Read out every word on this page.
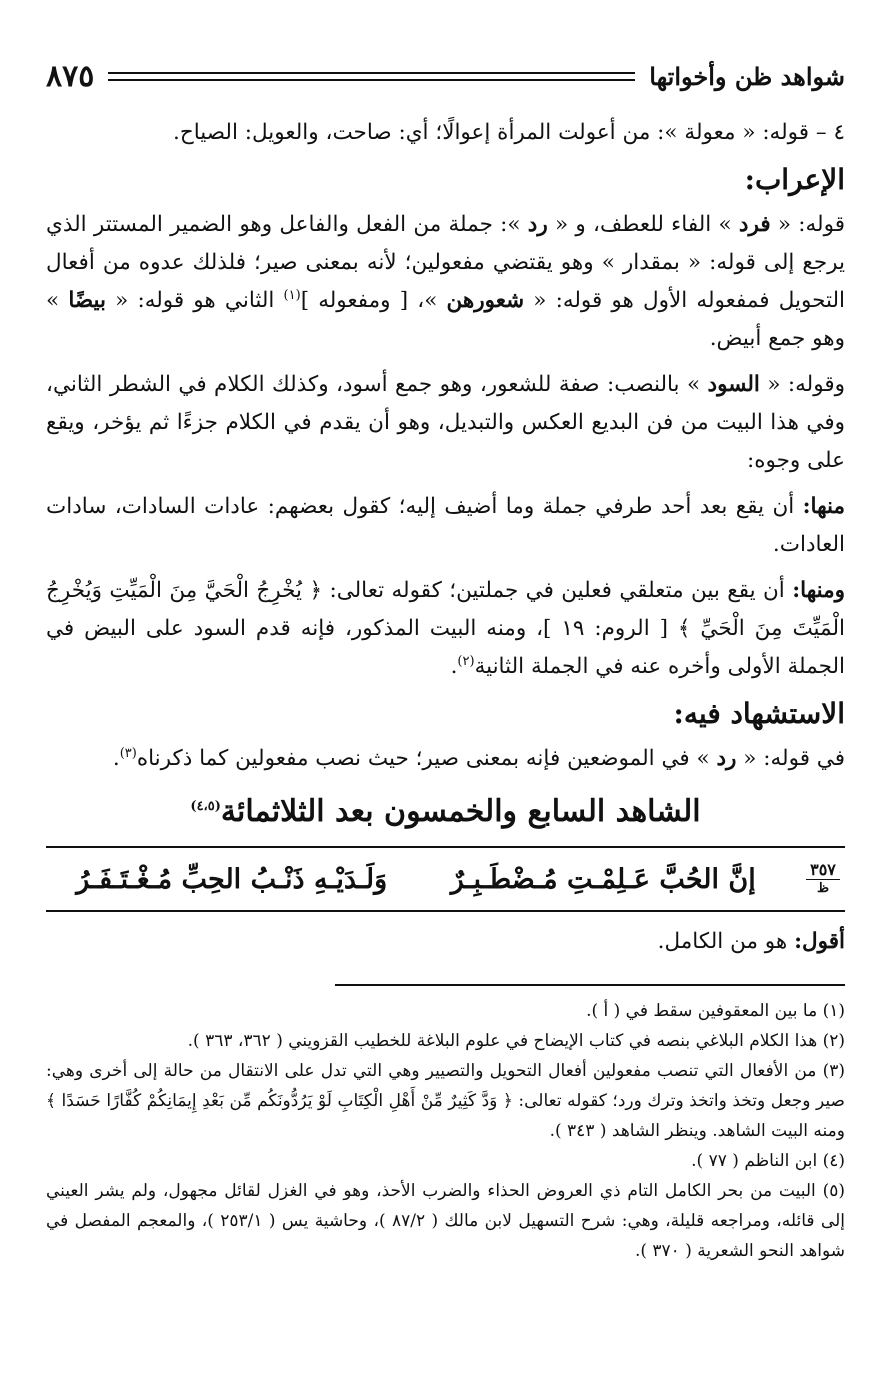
شواهد ظن وأخواتها
٨٧٥

٤ – قوله: « معولة »: من أعولت المرأة إعوالًا؛ أي: صاحت، والعويل: الصياح.

الإعراب:

قوله: « فرد » الفاء للعطف، و « رد »: جملة من الفعل والفاعل وهو الضمير المستتر الذي يرجع إلى قوله: « بمقدار » وهو يقتضي مفعولين؛ لأنه بمعنى صير؛ فلذلك عدوه من أفعال التحويل فمفعوله الأول هو قوله: « شعورهن »، [ ومفعوله ]$^{(١)}$ الثاني هو قوله: « بيضًا » وهو جمع أبيض.

وقوله: « السود » بالنصب: صفة للشعور، وهو جمع أسود، وكذلك الكلام في الشطر الثاني، وفي هذا البيت من فن البديع العكس والتبديل، وهو أن يقدم في الكلام جزءًا ثم يؤخر، ويقع على وجوه:

منها: أن يقع بعد أحد طرفي جملة وما أضيف إليه؛ كقول بعضهم: عادات السادات، سادات العادات.

ومنها: أن يقع بين متعلقي فعلين في جملتين؛ كقوله تعالى: ﴿ يُخْرِجُ الْحَيَّ مِنَ الْمَيِّتِ وَيُخْرِجُ الْمَيِّتَ مِنَ الْحَيِّ ﴾ [ الروم: ١٩ ]، ومنه البيت المذكور، فإنه قدم السود على البيض في الجملة الأولى وأخره عنه في الجملة الثانية$^{(٢)}$.

الاستشهاد فيه:

في قوله: « رد » في الموضعين فإنه بمعنى صير؛ حيث نصب مفعولين كما ذكرناه$^{(٣)}$.

الشاهد السابع والخمسون بعد الثلاثمائة$^{(٤،٥)}$
٣٥٧
ظ
إنَّ الحُبَّ عَـلِمْـتِ مُـضْطَـبِـرٌ
وَلَـدَيْـهِ ذَنْـبُ الحِبِّ مُـغْـتَـفَـرُ

أقول: هو من الكامل.

(١) ما بين المعقوفين سقط في ( أ ).

(٢) هذا الكلام البلاغي بنصه في كتاب الإيضاح في علوم البلاغة للخطيب القزويني ( ٣٦٢، ٣٦٣ ).

(٣) من الأفعال التي تنصب مفعولين أفعال التحويل والتصيير وهي التي تدل على الانتقال من حالة إلى أخرى وهي: صير وجعل وتخذ واتخذ وترك ورد؛ كقوله تعالى: ﴿ وَدَّ كَثِيرٌ مِّنْ أَهْلِ الْكِتَابِ لَوْ يَرُدُّونَكُم مِّن بَعْدِ إِيمَانِكُمْ كُفَّارًا حَسَدًا ﴾ ومنه البيت الشاهد. وينظر الشاهد ( ٣٤٣ ).

(٤) ابن الناظم ( ٧٧ ).

(٥) البيت من بحر الكامل التام ذي العروض الحذاء والضرب الأحذ، وهو في الغزل لقائل مجهول، ولم يشر العيني إلى قائله، ومراجعه قليلة، وهي: شرح التسهيل لابن مالك ( ٨٧/٢ )، وحاشية يس ( ٢٥٣/١ )، والمعجم المفصل في شواهد النحو الشعرية ( ٣٧٠ ).
